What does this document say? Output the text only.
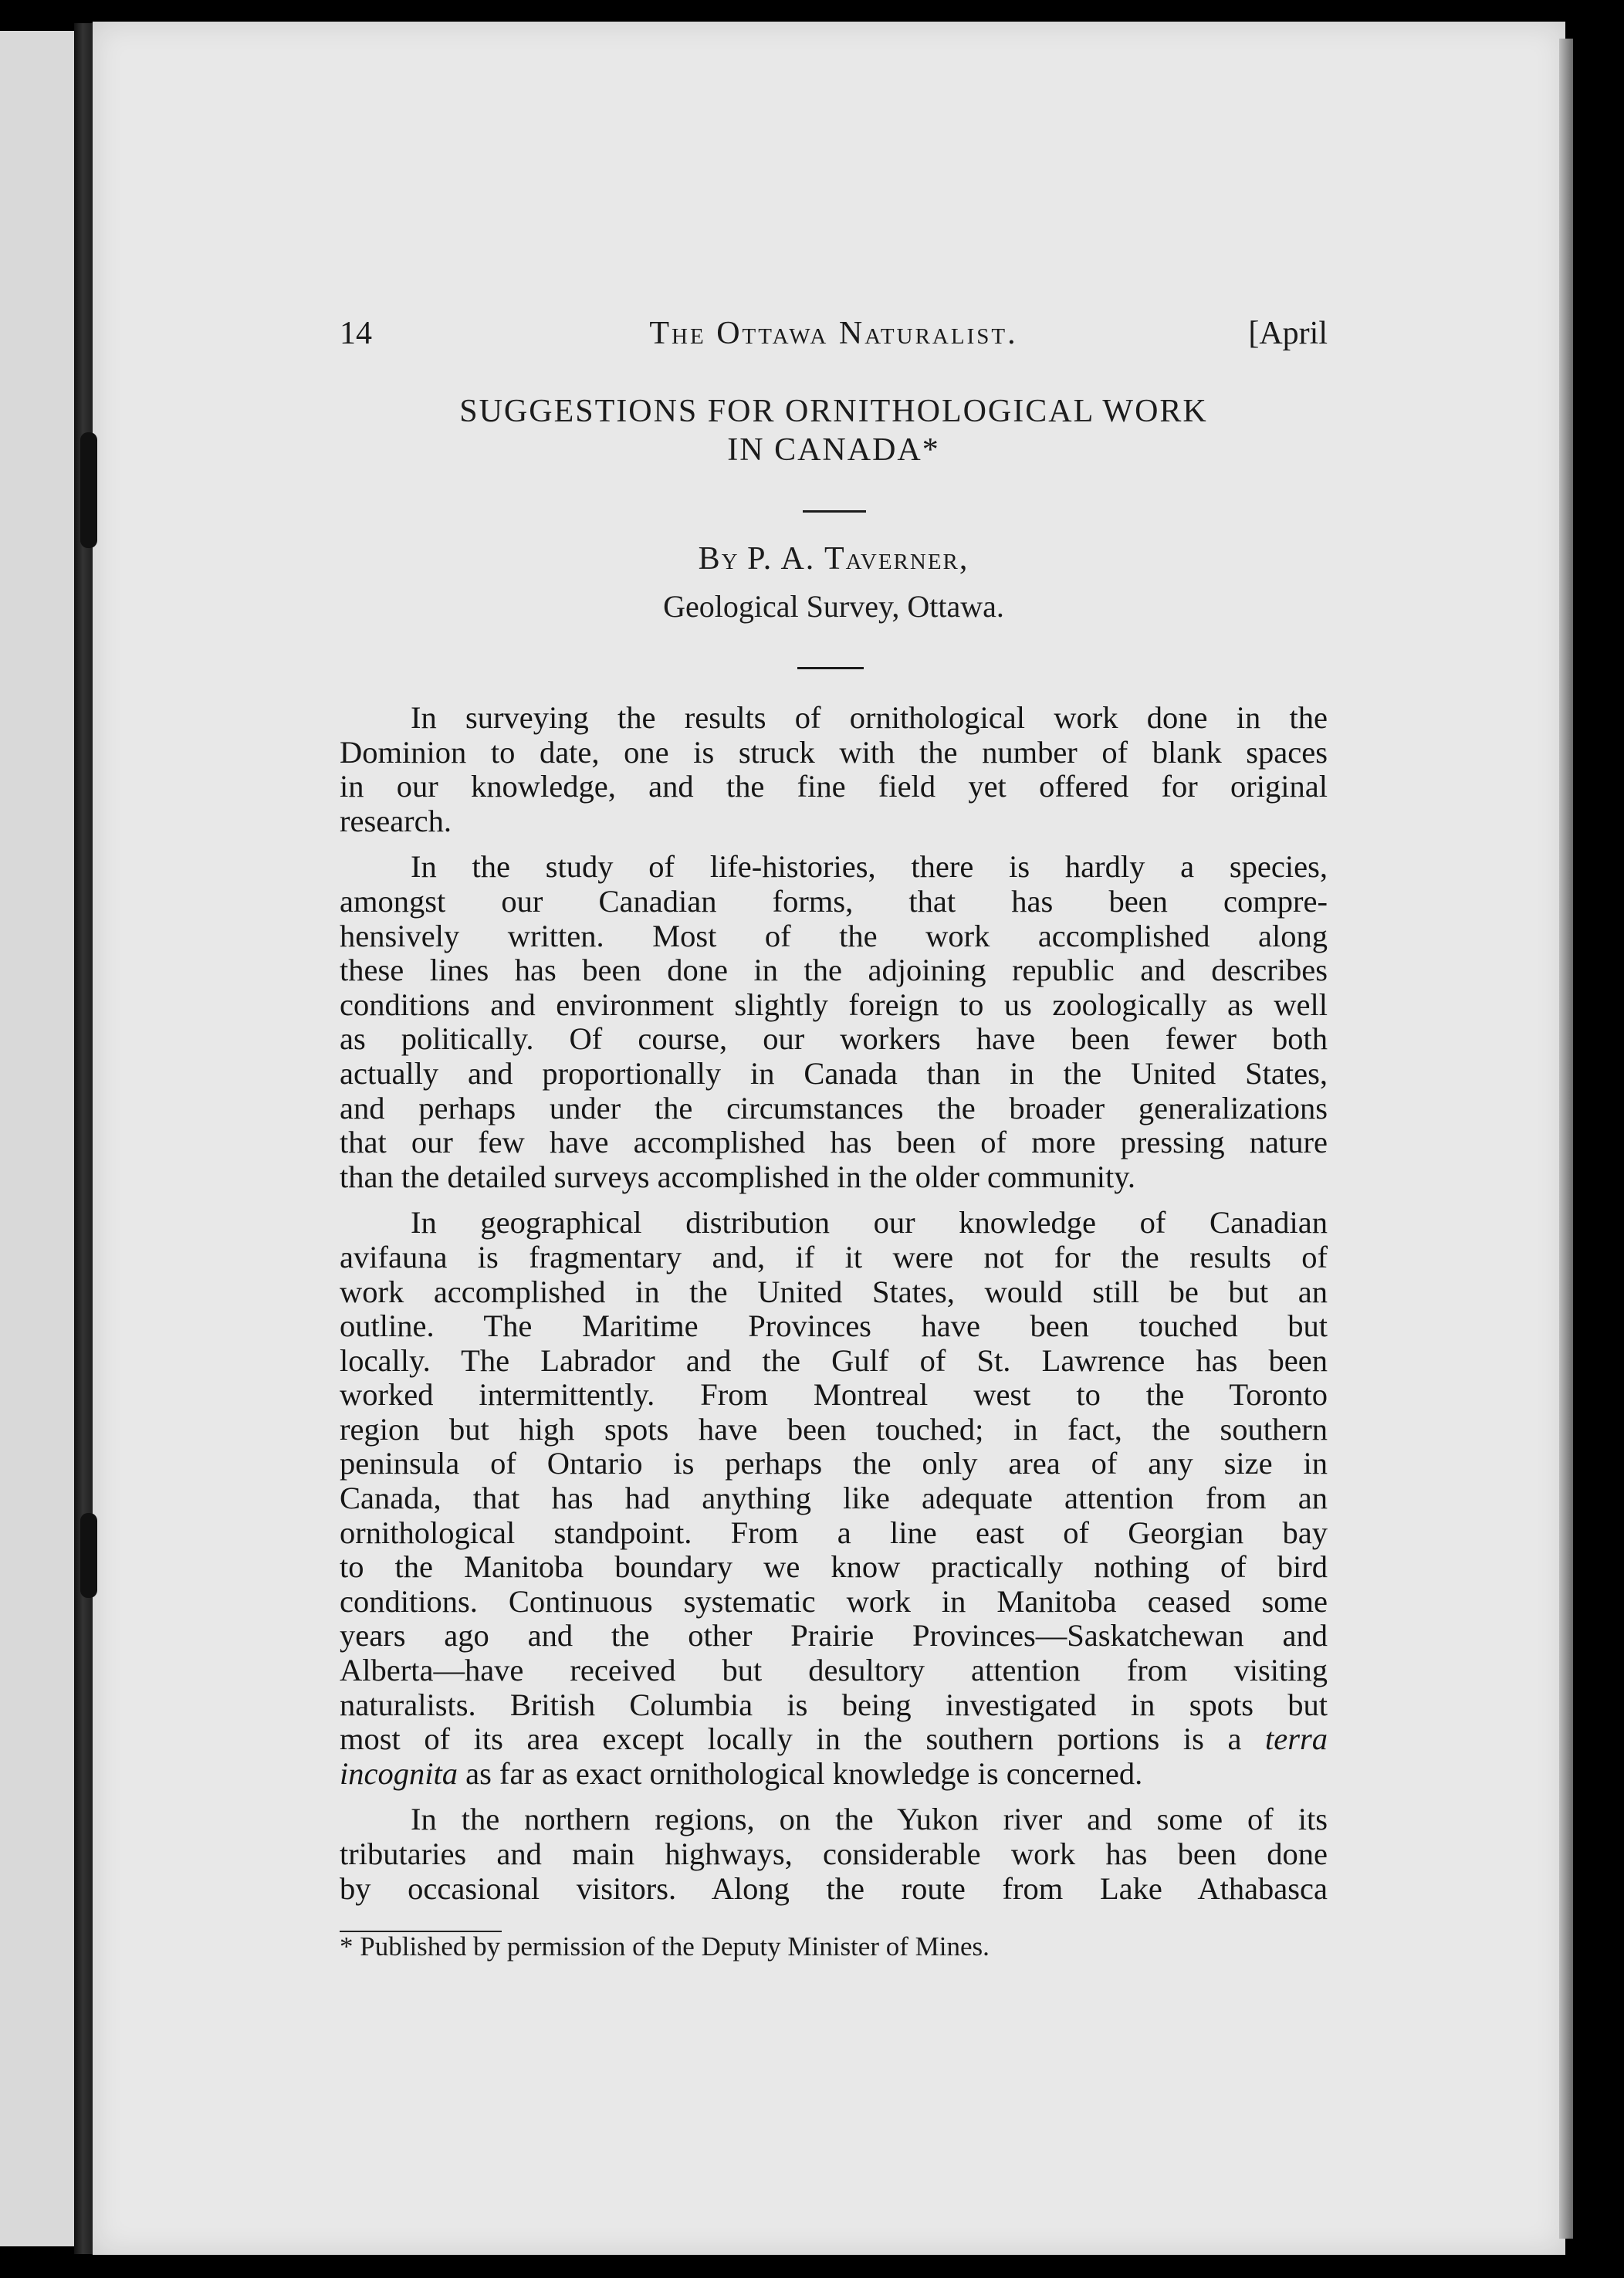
14	The Ottawa Naturalist.	[April
SUGGESTIONS FOR ORNITHOLOGICAL WORK
IN CANADA*
By P. A. Taverner,
Geological Survey, Ottawa.
In surveying the results of ornithological work done in the
Dominion to date, one is struck with the number of blank spaces
in our knowledge, and the fine field yet offered for original
research.
In the study of life-histories, there is hardly a species,
amongst our Canadian forms, that has been compre-
hensively written. Most of the work accomplished along
these lines has been done in the adjoining republic and describes
conditions and environment slightly foreign to us zoologically as well
as politically. Of course, our workers have been fewer both
actually and proportionally in Canada than in the United States,
and perhaps under the circumstances the broader generalizations
that our few have accomplished has been of more pressing nature
than the detailed surveys accomplished in the older community.
In geographical distribution our knowledge of Canadian
avifauna is fragmentary and, if it were not for the results of
work accomplished in the United States, would still be but an
outline. The Maritime Provinces have been touched but
locally. The Labrador and the Gulf of St. Lawrence has been
worked intermittently. From Montreal west to the Toronto
region but high spots have been touched; in fact, the southern
peninsula of Ontario is perhaps the only area of any size in
Canada, that has had anything like adequate attention from an
ornithological standpoint. From a line east of Georgian bay
to the Manitoba boundary we know practically nothing of bird
conditions. Continuous systematic work in Manitoba ceased some
years ago and the other Prairie Provinces—Saskatchewan and
Alberta—have received but desultory attention from visiting
naturalists. British Columbia is being investigated in spots but
most of its area except locally in the southern portions is a terra
incognita as far as exact ornithological knowledge is concerned.
In the northern regions, on the Yukon river and some of its
tributaries and main highways, considerable work has been done
by occasional visitors. Along the route from Lake Athabasca
* Published by permission of the Deputy Minister of Mines.
